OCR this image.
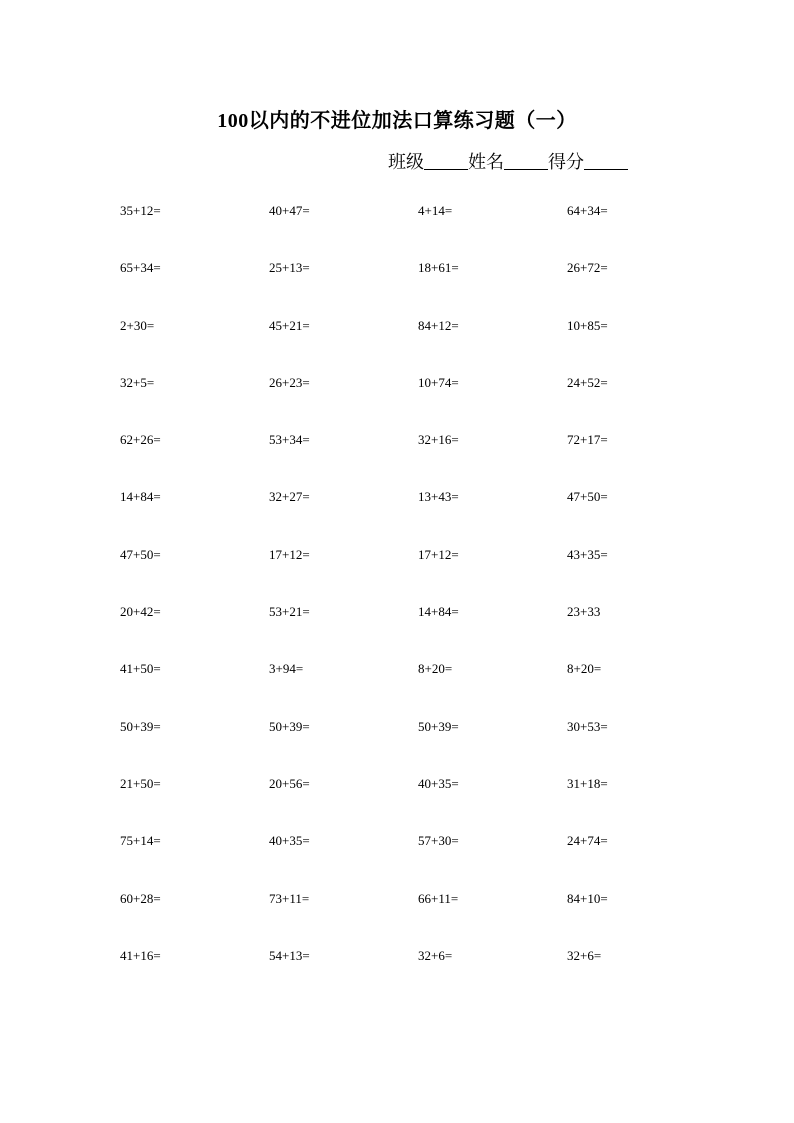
100以内的不进位加法口算练习题（一）
班级 姓名 得分
35+12=	40+47=	4+14=	64+34=
65+34=	25+13=	18+61=	26+72=
2+30=	45+21=	84+12=	10+85=
32+5=	26+23=	10+74=	24+52=
62+26=	53+34=	32+16=	72+17=
14+84=	32+27=	13+43=	47+50=
47+50=	17+12=	17+12=	43+35=
20+42=	53+21=	14+84=	23+33
41+50=	3+94=	8+20=	8+20=
50+39=	50+39=	50+39=	30+53=
21+50=	20+56=	40+35=	31+18=
75+14=	40+35=	57+30=	24+74=
60+28=	73+11=	66+11=	84+10=
41+16=	54+13=	32+6=	32+6=
